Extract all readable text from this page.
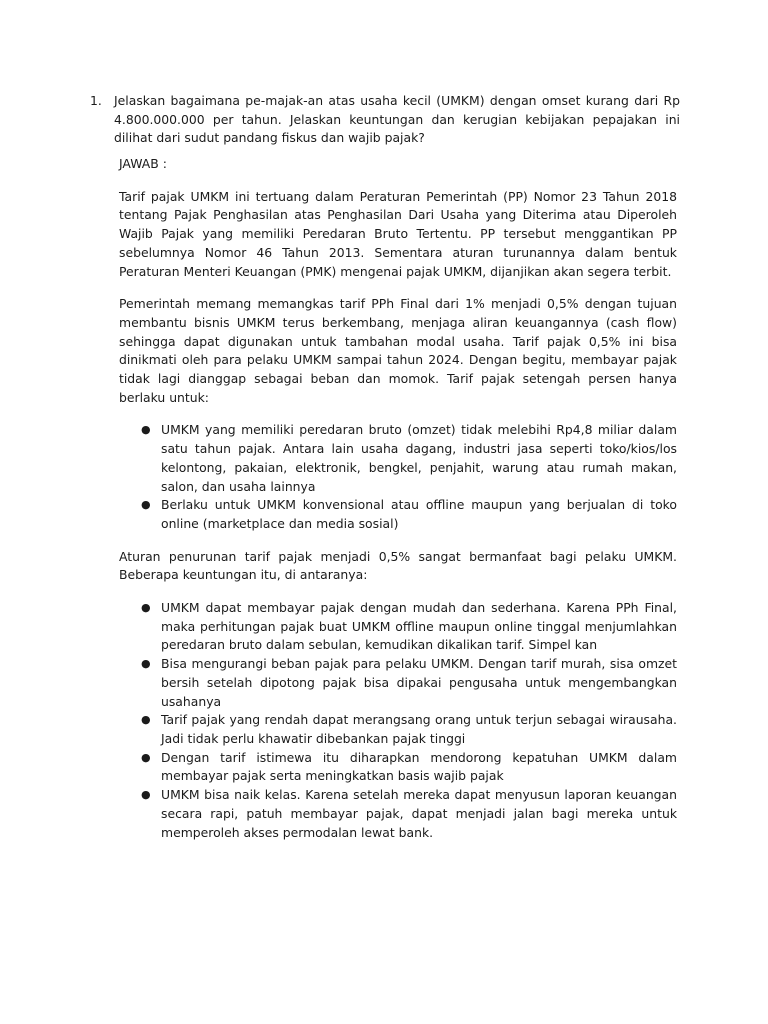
1. Jelaskan bagaimana pe-majak-an atas usaha kecil (UMKM) dengan omset kurang dari Rp 4.800.000.000 per tahun. Jelaskan keuntungan dan kerugian kebijakan pepajakan ini dilihat dari sudut pandang fiskus dan wajib pajak?

JAWAB :

Tarif pajak UMKM ini tertuang dalam Peraturan Pemerintah (PP) Nomor 23 Tahun 2018 tentang Pajak Penghasilan atas Penghasilan Dari Usaha yang Diterima atau Diperoleh Wajib Pajak yang memiliki Peredaran Bruto Tertentu. PP tersebut menggantikan PP sebelumnya Nomor 46 Tahun 2013. Sementara aturan turunannya dalam bentuk Peraturan Menteri Keuangan (PMK) mengenai pajak UMKM, dijanjikan akan segera terbit.

Pemerintah memang memangkas tarif PPh Final dari 1% menjadi 0,5% dengan tujuan membantu bisnis UMKM terus berkembang, menjaga aliran keuangannya (cash flow) sehingga dapat digunakan untuk tambahan modal usaha. Tarif pajak 0,5% ini bisa dinikmati oleh para pelaku UMKM sampai tahun 2024. Dengan begitu, membayar pajak tidak lagi dianggap sebagai beban dan momok. Tarif pajak setengah persen hanya berlaku untuk:

● UMKM yang memiliki peredaran bruto (omzet) tidak melebihi Rp4,8 miliar dalam satu tahun pajak. Antara lain usaha dagang, industri jasa seperti toko/kios/los kelontong, pakaian, elektronik, bengkel, penjahit, warung atau rumah makan, salon, dan usaha lainnya
● Berlaku untuk UMKM konvensional atau offline maupun yang berjualan di toko online (marketplace dan media sosial)

Aturan penurunan tarif pajak menjadi 0,5% sangat bermanfaat bagi pelaku UMKM. Beberapa keuntungan itu, di antaranya:

● UMKM dapat membayar pajak dengan mudah dan sederhana. Karena PPh Final, maka perhitungan pajak buat UMKM offline maupun online tinggal menjumlahkan peredaran bruto dalam sebulan, kemudikan dikalikan tarif. Simpel kan
● Bisa mengurangi beban pajak para pelaku UMKM. Dengan tarif murah, sisa omzet bersih setelah dipotong pajak bisa dipakai pengusaha untuk mengembangkan usahanya
● Tarif pajak yang rendah dapat merangsang orang untuk terjun sebagai wirausaha. Jadi tidak perlu khawatir dibebankan pajak tinggi
● Dengan tarif istimewa itu diharapkan mendorong kepatuhan UMKM dalam membayar pajak serta meningkatkan basis wajib pajak
● UMKM bisa naik kelas. Karena setelah mereka dapat menyusun laporan keuangan secara rapi, patuh membayar pajak, dapat menjadi jalan bagi mereka untuk memperoleh akses permodalan lewat bank.
